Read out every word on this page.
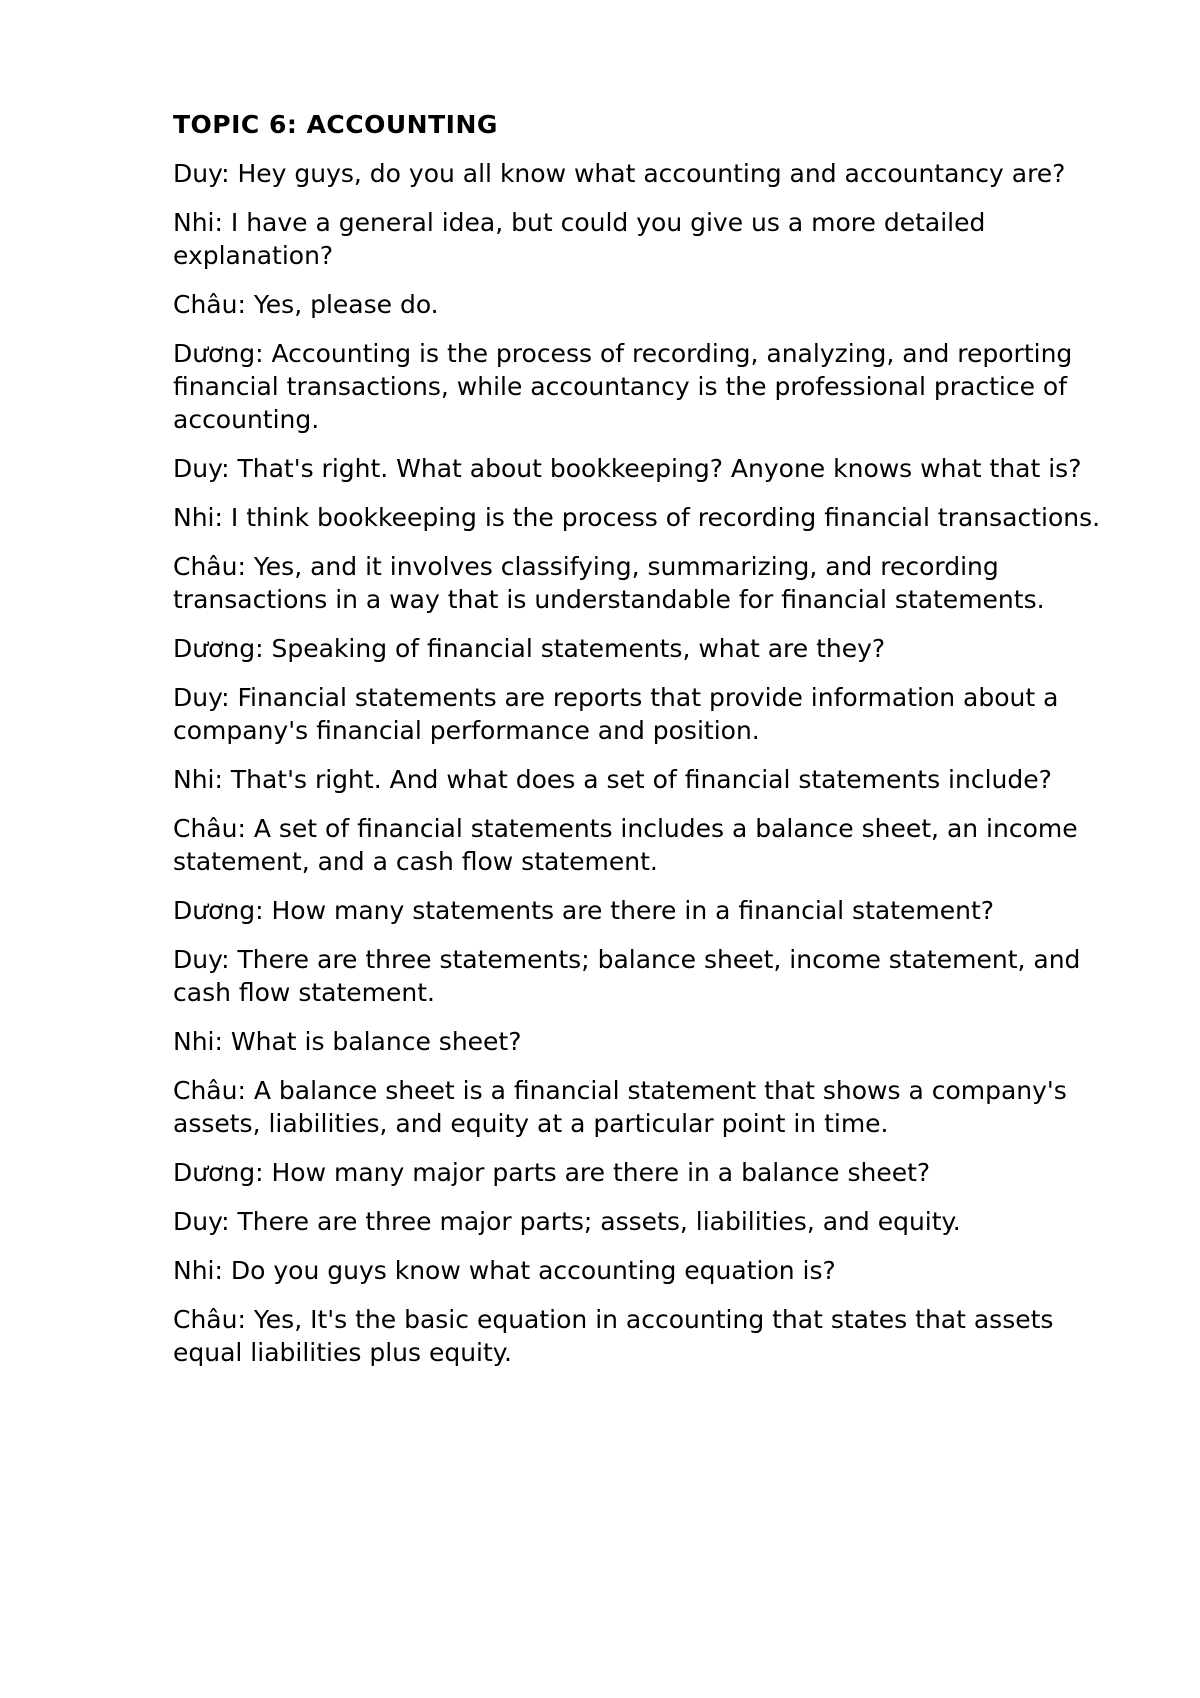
TOPIC 6: ACCOUNTING
Duy : Hey guys, do you all know what accounting and accountancy are?
Nhi : I have a general idea, but could you give us a more detailed explanation?
Châu : Yes, please do.
Dương : Accounting is the process of recording, analyzing, and reporting financial transactions, while accountancy is the professional practice of accounting.
Duy : That's right. What about bookkeeping? Anyone knows what that is?
Nhi : I think bookkeeping is the process of recording financial transactions.
Châu : Yes, and it involves classifying, summarizing, and recording transactions in a way that is understandable for financial statements.
Dương : Speaking of financial statements, what are they?
Duy : Financial statements are reports that provide information about a company's financial performance and position.
Nhi : That's right. And what does a set of financial statements include?
Châu : A set of financial statements includes a balance sheet, an income statement, and a cash flow statement.
Dương : How many statements are there in a financial statement?
Duy : There are three statements; balance sheet, income statement, and cash flow statement.
Nhi : What is balance sheet?
Châu : A balance sheet is a financial statement that shows a company's assets, liabilities, and equity at a particular point in time.
Dương : How many major parts are there in a balance sheet?
Duy : There are three major parts; assets, liabilities, and equity.
Nhi : Do you guys know what accounting equation is?
Châu : Yes, It's the basic equation in accounting that states that assets equal liabilities plus equity.
